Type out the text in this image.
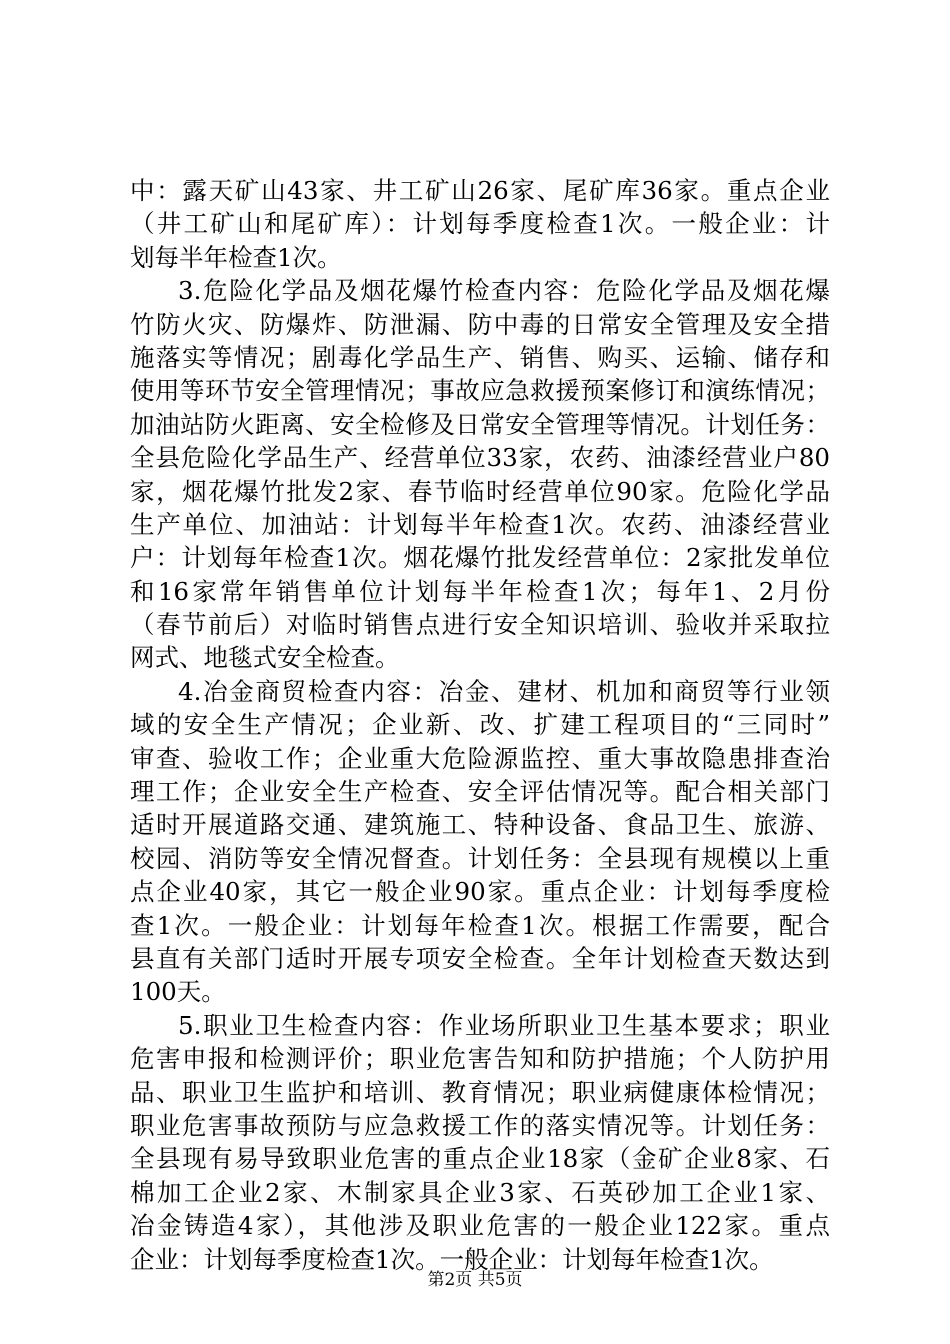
中：露天矿山43家、井工矿山26家、尾矿库36家。重点企业
（井工矿山和尾矿库）：计划每季度检查1次。一般企业：计
划每半年检查1次。
3.危险化学品及烟花爆竹检查内容：危险化学品及烟花爆
竹防火灾、防爆炸、防泄漏、防中毒的日常安全管理及安全措
施落实等情况；剧毒化学品生产、销售、购买、运输、储存和
使用等环节安全管理情况；事故应急救援预案修订和演练情况；
加油站防火距离、安全检修及日常安全管理等情况。计划任务：
全县危险化学品生产、经营单位33家，农药、油漆经营业户80
家，烟花爆竹批发2家、春节临时经营单位90家。危险化学品
生产单位、加油站：计划每半年检查1次。农药、油漆经营业
户：计划每年检查1次。烟花爆竹批发经营单位：2家批发单位
和16家常年销售单位计划每半年检查1次；每年1、2月份
（春节前后）对临时销售点进行安全知识培训、验收并采取拉
网式、地毯式安全检查。
4.冶金商贸检查内容：冶金、建材、机加和商贸等行业领
域的安全生产情况；企业新、改、扩建工程项目的“三同时”
审查、验收工作；企业重大危险源监控、重大事故隐患排查治
理工作；企业安全生产检查、安全评估情况等。配合相关部门
适时开展道路交通、建筑施工、特种设备、食品卫生、旅游、
校园、消防等安全情况督查。计划任务：全县现有规模以上重
点企业40家，其它一般企业90家。重点企业：计划每季度检
查1次。一般企业：计划每年检查1次。根据工作需要，配合
县直有关部门适时开展专项安全检查。全年计划检查天数达到
100天。
5.职业卫生检查内容：作业场所职业卫生基本要求；职业
危害申报和检测评价；职业危害告知和防护措施；个人防护用
品、职业卫生监护和培训、教育情况；职业病健康体检情况；
职业危害事故预防与应急救援工作的落实情况等。计划任务：
全县现有易导致职业危害的重点企业18家（金矿企业8家、石
棉加工企业2家、木制家具企业3家、石英砂加工企业1家、
冶金铸造4家），其他涉及职业危害的一般企业122家。重点
企业：计划每季度检查1次。一般企业：计划每年检查1次。
第2页 共5页
